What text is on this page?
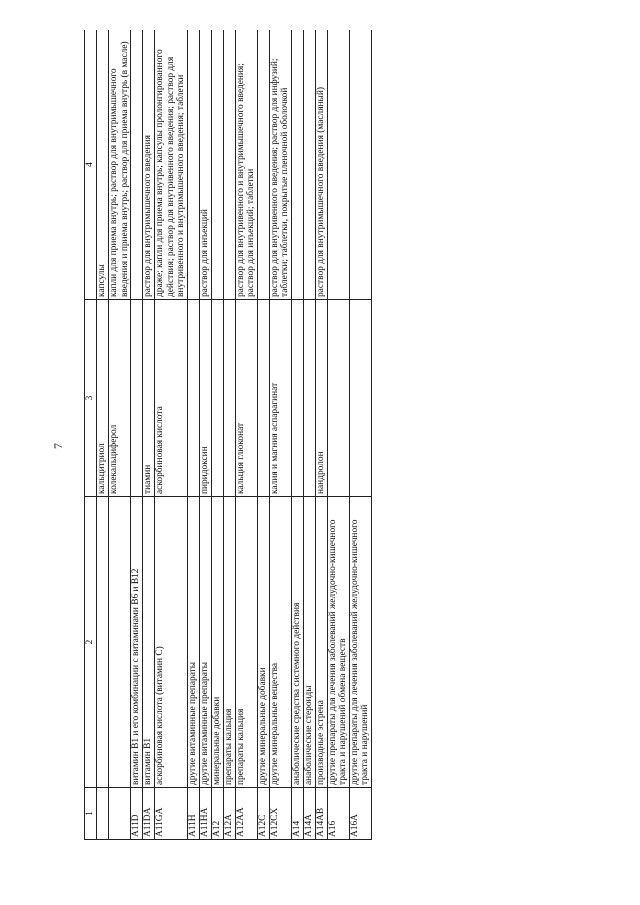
7
1	2	3	4
		кальцитриол	капсулы
		колекальциферол	капли для приема внутрь; раствор для внутримышечного введения и приема внутрь; раствор для приема внутрь (в масле)
A11D	витамин B1 и его комбинации с витаминами B6 и B12		
A11DA	витамин B1	тиамин	раствор для внутримышечного введения
A11GA	аскорбиновая кислота (витамин С)	аскорбиновая кислота	драже; капли для приема внутрь; капсулы пролонгированного действия; раствор для внутривенного введения; раствор для внутривенного и внутримышечного введения; таблетки
A11H	другие витаминные препараты		
A11HA	другие витаминные препараты	пиридоксин	раствор для инъекций
A12	минеральные добавки		
A12A	препараты кальция		
A12AA	препараты кальция	кальция глюконат	раствор для внутривенного и внутримышечного введения; раствор для инъекций; таблетки
A12C	другие минеральные добавки		
A12CX	другие минеральные вещества	калия и магния аспарагинат	раствор для внутривенного введения; раствор для инфузий; таблетки; таблетки, покрытые пленочной оболочкой
A14	анаболические средства системного действия		
A14A	анаболические стероиды		
A14AB	производные эстрена	нандролон	раствор для внутримышечного введения (масляный)
A16	другие препараты для лечения заболеваний желудочно-кишечного тракта и нарушений обмена веществ		
A16A	другие препараты для лечения заболеваний желудочно-кишечного тракта и нарушений		
